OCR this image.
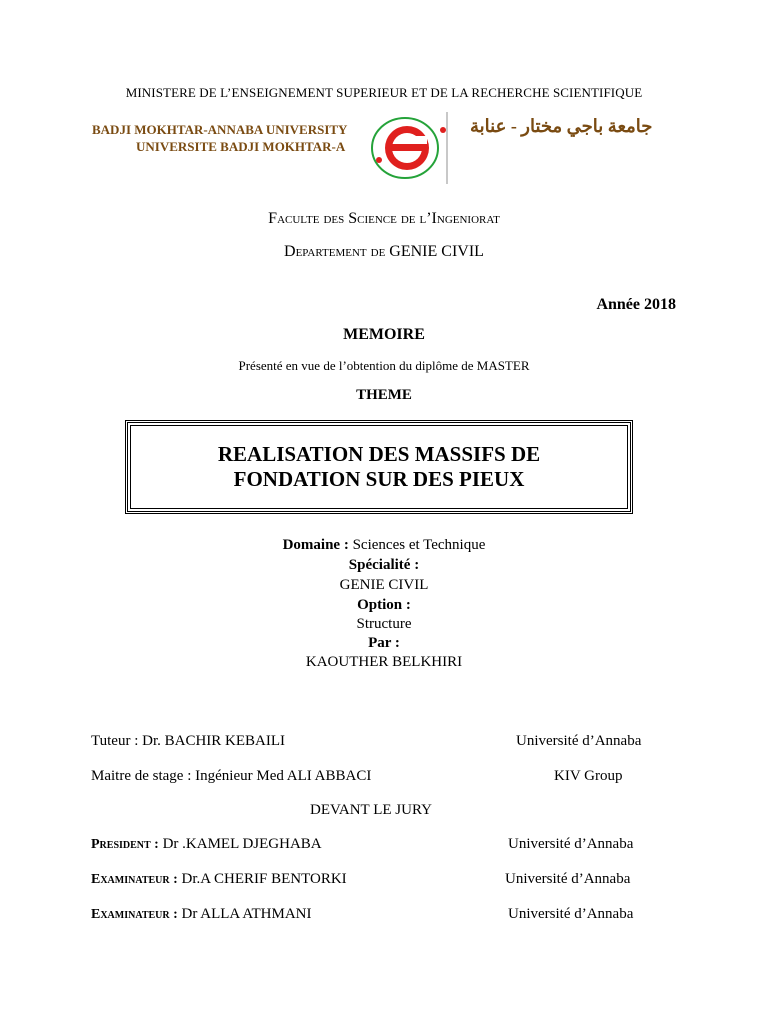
MINISTERE DE L’ENSEIGNEMENT SUPERIEUR ET DE LA RECHERCHE SCIENTIFIQUE
BADJI MOKHTAR-ANNABA UNIVERSITY
UNIVERSITE BADJI MOKHTAR-A
جامعة باجي مختار - عنابة
Faculte des Science de l’Ingeniorat
Departement de GENIE CIVIL
Année 2018
MEMOIRE
Présenté en vue de l’obtention du diplôme de MASTER
THEME
REALISATION DES MASSIFS DE
FONDATION SUR DES PIEUX
Domaine : Sciences et Technique
Spécialité :
GENIE CIVIL
Option :
Structure
Par :
KAOUTHER BELKHIRI
Tuteur : Dr. BACHIR KEBAILI	Université d’Annaba
Maitre de stage : Ingénieur Med ALI ABBACI	KIV Group
DEVANT LE JURY
President : Dr .KAMEL DJEGHABA	Université d’Annaba
Examinateur : Dr.A CHERIF BENTORKI	Université d’Annaba
Examinateur : Dr ALLA ATHMANI	Université d’Annaba
